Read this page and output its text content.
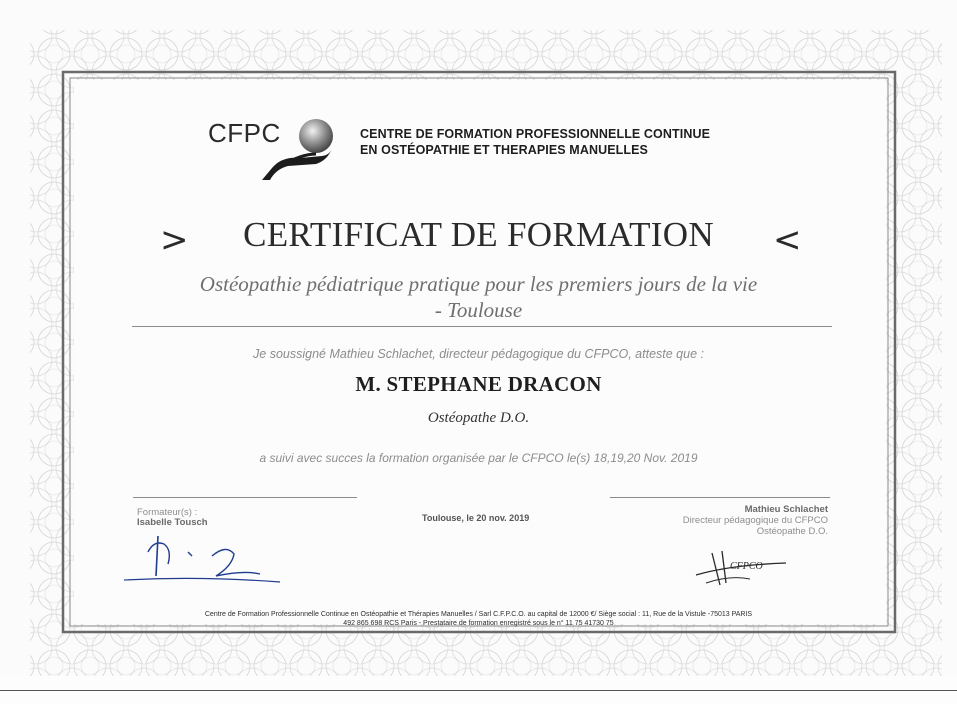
CFPC	CENTRE DE FORMATION PROFESSIONNELLE CONTINUE
EN OSTÉOPATHIE ET THERAPIES MANUELLES
>	CERTIFICAT DE FORMATION	<
Ostéopathie pédiatrique pratique pour les premiers jours de la vie
- Toulouse
Je soussigné Mathieu Schlachet, directeur pédagogique du CFPCO, atteste que :
M. STEPHANE DRACON
Ostéopathe D.O.
a suivi avec succes la formation organisée par le CFPCO le(s) 18,19,20 Nov. 2019
Formateur(s) :
Isabelle Tousch	Toulouse, le 20 nov. 2019
Mathieu Schlachet
Directeur pédagogique du CFPCO
Ostéopathe D.O.
CFPCO
Centre de Formation Professionnelle Continue en Ostéopathie et Thérapies Manuelles / Sarl C.F.P.C.O. au capital de 12000 €/ Siège social : 11, Rue de la Vistule -75013 PARIS
492 865 698 RCS Paris - Prestataire de formation enregistré sous le n° 11 75 41730 75
